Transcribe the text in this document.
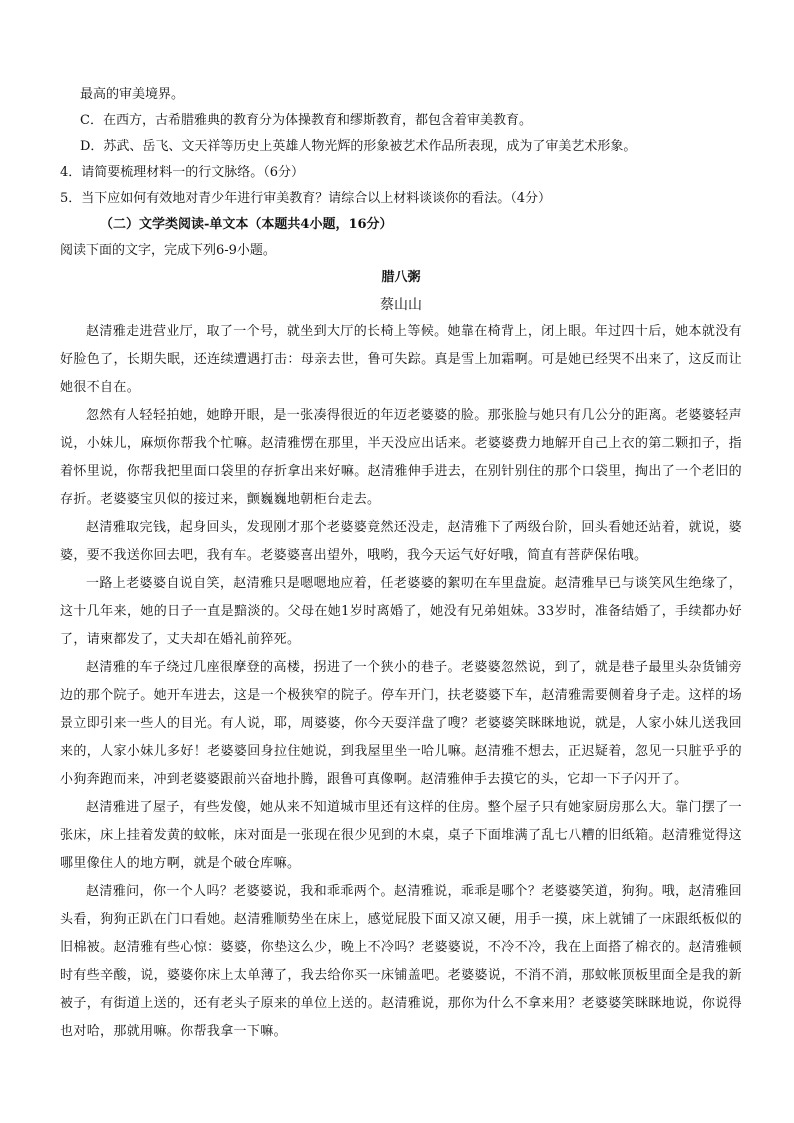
最高的审美境界。

C．在西方，古希腊雅典的教育分为体操教育和缪斯教育，都包含着审美教育。

D．苏武、岳飞、文天祥等历史上英雄人物光辉的形象被艺术作品所表现，成为了审美艺术形象。

4．请简要梳理材料一的行文脉络。（6分）

5．当下应如何有效地对青少年进行审美教育？请综合以上材料谈谈你的看法。（4分）

（二）文学类阅读-单文本（本题共4小题，16分）

阅读下面的文字，完成下列6-9小题。

腊八粥

蔡山山

赵清雅走进营业厅，取了一个号，就坐到大厅的长椅上等候。她靠在椅背上，闭上眼。年过四十后，她本就没有好脸色了，长期失眠，还连续遭遇打击：母亲去世，鲁可失踪。真是雪上加霜啊。可是她已经哭不出来了，这反而让她很不自在。

忽然有人轻轻拍她，她睁开眼，是一张凑得很近的年迈老婆婆的脸。那张脸与她只有几公分的距离。老婆婆轻声说，小妹儿，麻烦你帮我个忙嘛。赵清雅愣在那里，半天没应出话来。老婆婆费力地解开自己上衣的第二颗扣子，指着怀里说，你帮我把里面口袋里的存折拿出来好嘛。赵清雅伸手进去，在别针别住的那个口袋里，掏出了一个老旧的存折。老婆婆宝贝似的接过来，颤巍巍地朝柜台走去。

赵清雅取完钱，起身回头，发现刚才那个老婆婆竟然还没走，赵清雅下了两级台阶，回头看她还站着，就说，婆婆，要不我送你回去吧，我有车。老婆婆喜出望外，哦哟，我今天运气好好哦，简直有菩萨保佑哦。

一路上老婆婆自说自笑，赵清雅只是嗯嗯地应着，任老婆婆的絮叨在车里盘旋。赵清雅早已与谈笑风生绝缘了，这十几年来，她的日子一直是黯淡的。父母在她1岁时离婚了，她没有兄弟姐妹。33岁时，准备结婚了，手续都办好了，请柬都发了，丈夫却在婚礼前猝死。

赵清雅的车子绕过几座很摩登的高楼，拐进了一个狭小的巷子。老婆婆忽然说，到了，就是巷子最里头杂货铺旁边的那个院子。她开车进去，这是一个极狭窄的院子。停车开门，扶老婆婆下车，赵清雅需要侧着身子走。这样的场景立即引来一些人的目光。有人说，耶，周婆婆，你今天耍洋盘了嗖？老婆婆笑眯眯地说，就是，人家小妹儿送我回来的，人家小妹儿多好！老婆婆回身拉住她说，到我屋里坐一哈儿嘛。赵清雅不想去，正迟疑着，忽见一只脏乎乎的小狗奔跑而来，冲到老婆婆跟前兴奋地扑腾，跟鲁可真像啊。赵清雅伸手去摸它的头，它却一下子闪开了。

赵清雅进了屋子，有些发傻，她从来不知道城市里还有这样的住房。整个屋子只有她家厨房那么大。靠门摆了一张床，床上挂着发黄的蚊帐，床对面是一张现在很少见到的木桌，桌子下面堆满了乱七八糟的旧纸箱。赵清雅觉得这哪里像住人的地方啊，就是个破仓库嘛。

赵清雅问，你一个人吗？老婆婆说，我和乖乖两个。赵清雅说，乖乖是哪个？老婆婆笑道，狗狗。哦，赵清雅回头看，狗狗正趴在门口看她。赵清雅顺势坐在床上，感觉屁股下面又凉又硬，用手一摸，床上就铺了一床跟纸板似的旧棉被。赵清雅有些心惊：婆婆，你垫这么少，晚上不冷吗？老婆婆说，不冷不冷，我在上面搭了棉衣的。赵清雅顿时有些辛酸，说，婆婆你床上太单薄了，我去给你买一床铺盖吧。老婆婆说，不消不消，那蚊帐顶板里面全是我的新被子，有街道上送的，还有老头子原来的单位上送的。赵清雅说，那你为什么不拿来用？老婆婆笑眯眯地说，你说得也对哈，那就用嘛。你帮我拿一下嘛。
